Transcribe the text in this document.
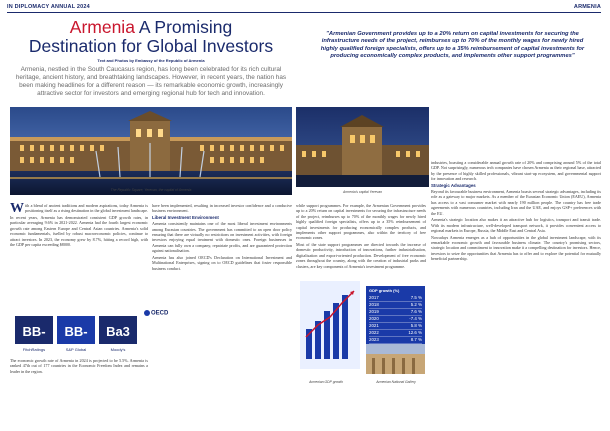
IN DIPLOMACY ANNUAL 2024	ARMENIA
Armenia A Promising
Destination for Global Investors
Text and Photos by Embassy of the Republic of Armenia
Armenia, nestled in the South Caucasus region, has long been celebrated for its rich cultural heritage, ancient history, and breathtaking landscapes. However, in recent years, the nation has been making headlines for a different reason — its remarkable economic growth, increasingly attractive sector for investors and emerging regional hub for tech and innovation.
"Armenian Government provides up to a 20% return on capital investments for securing the infrastructure needs of the project, reimburses up to 70% of the monthly wages for newly hired highly qualified foreign specialists, offers up to a 35% reimbursement of capital investments for producing economically complex products, and implements other support programmes"
The Republic Square, Yerevan, the capital of Armenia	Armenia's capital Yerevan

With a blend of ancient traditions and modern aspirations, today Armenia is positioning itself as a rising destination in the global investment landscape.

In recent years, Armenia has demonstrated consistent GDP growth rates, in particular averaging 9.6% in 2021-2022. Armenia had the fourth largest economic growth rate among Eastern Europe and Central Asian countries. Armenia's solid economic fundamentals, fuelled by robust macroeconomic policies, continue to attract investors. In 2023, the economy grew by 8.7%, hitting a record high, with the GDP per capita exceeding $8000.

BB- BB- Ba3
FitchRatings	S&P Global	Moody's

The economic growth rate of Armenia in 2024 is projected to be 5.5%. Armenia is ranked 47th out of 177 countries in the Economic Freedom Index and remains a leader in the region.

have been implemented, resulting in increased investor confidence and a conducive business environment.

Liberal Investment Environment

Armenia consistently maintains one of the most liberal investment environments among Eurasian countries. The government has committed to an open door policy ensuring that there are virtually no restrictions on investment activities, with foreign investors enjoying equal treatment with domestic ones. Foreign businesses in Armenia can fully own a company, repatriate profits, and are guaranteed protection against nationalisation.

Armenia has also joined OECD's Declaration on International Investment and Multinational Enterprises, signing on to OECD guidelines that foster responsible business conduct.

OECD

while support programmes. For example, the Armenian Government provides up to a 20% return on capital investments for securing the infrastructure needs of the project, reimburses up to 70% of the monthly wages for newly hired highly qualified foreign specialists, offers up to a 35% reimbursement of capital investments for producing economically complex products, and implements other support programmes, also within the territory of free economic zones.

Most of the state support programmes are directed towards the increase of domestic productivity, introduction of innovations, further industrialisation, digitalisation and export-oriented production. Development of free economic zones throughout the country, along with the creation of industrial parks and clusters, are key components of Armenia's investment programme.

GDP growth (%)
2017	7.5 %
2018	5.2 %
2019	7.6 %
2020	-7.4 %
2021	5.8 %
2022	12.6 %
2023	8.7 %
Armenian GDP growth	Armenian National Gallery

industries, boasting a considerable annual growth rate of 20% and comprising around 5% of the total GDP. Not surprisingly, numerous tech companies have chosen Armenia as their regional base, attracted by the presence of highly skilled professionals, vibrant start-up ecosystem, and governmental support for innovation and research.

Strategic Advantages

Beyond its favourable business environment, Armenia boasts several strategic advantages, including its role as a gateway to major markets. As a member of the Eurasian Economic Union (EAEU), Armenia has access to a vast consumer market with nearly 190 million people. The country has free trade agreements with numerous countries, including Iran and the UAE, and enjoys GSP+ preferences with the EU.

Armenia's strategic location also makes it an attractive hub for logistics, transport and transit trade. With its modern infrastructure, well-developed transport network, it provides convenient access to regional markets in Europe, Russia, the Middle East and Central Asia.

Nowadays Armenia emerges as a hub of opportunities in the global investment landscape, with its remarkable economic growth and favourable business climate. The country's promising sectors, strategic location and commitment to innovation make it a compelling destination for investors. Hence, investors to seize the opportunities that Armenia has to offer and to explore the potential for mutually beneficial partnership.
